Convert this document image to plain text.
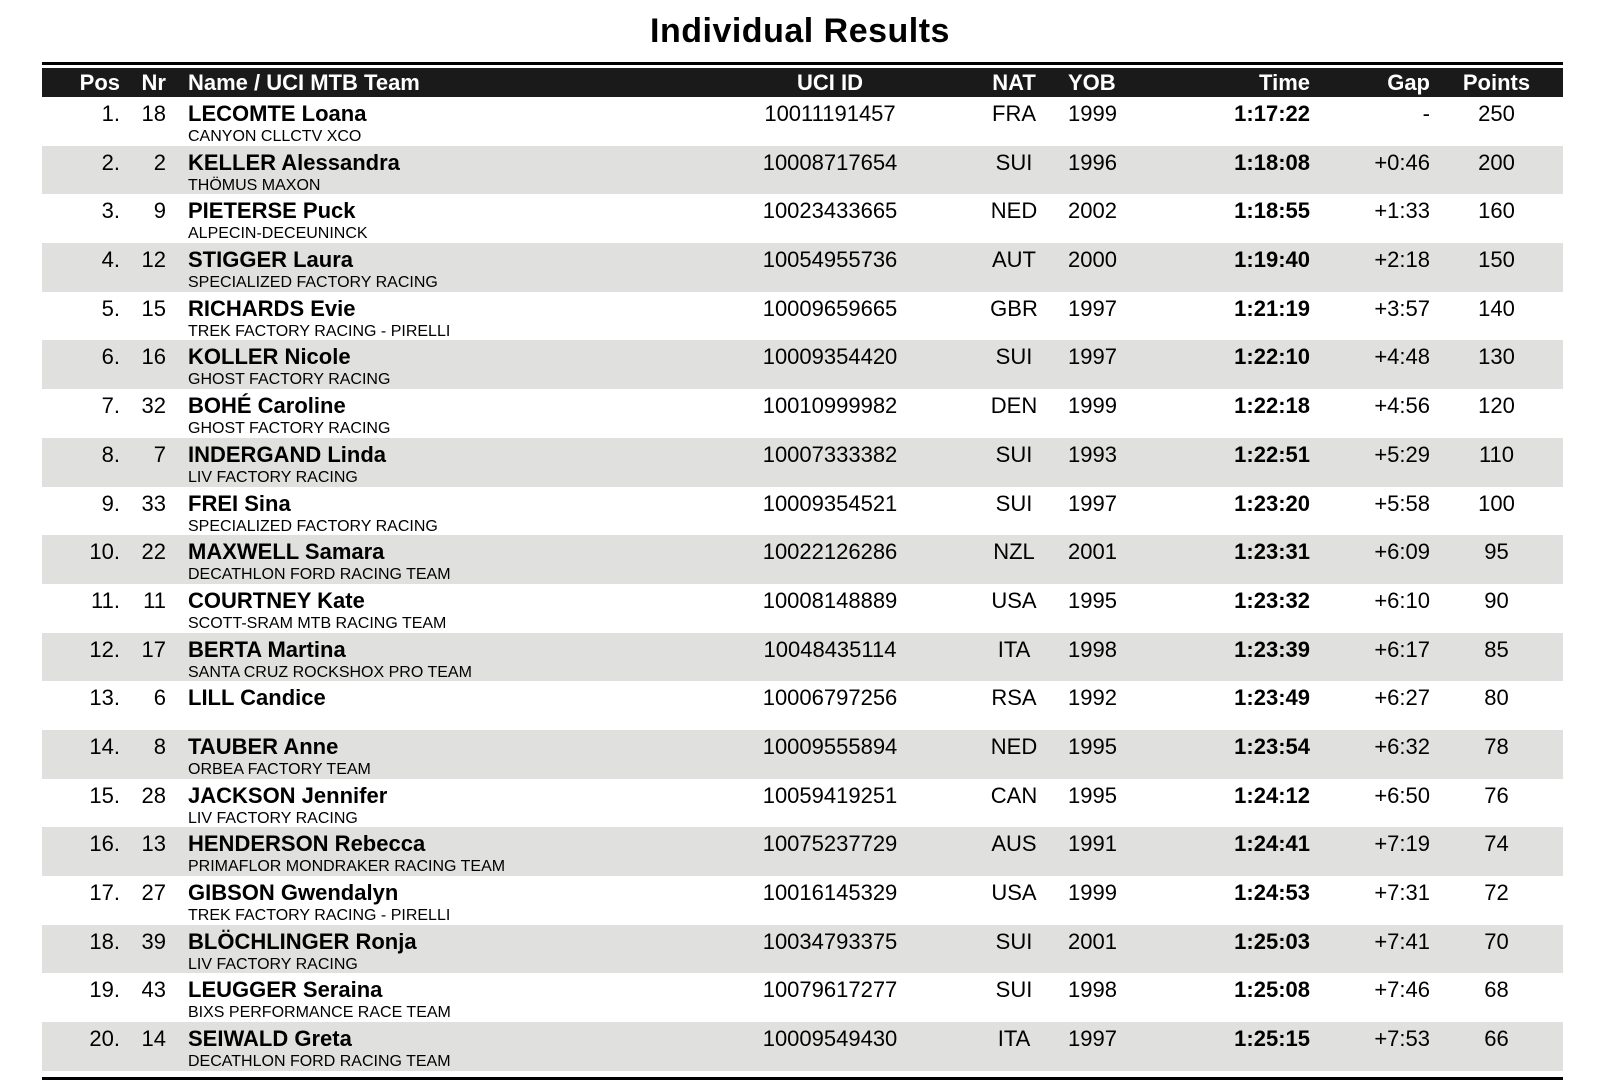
Individual Results
Pos Nr	Name / UCI MTB Team	UCI ID	NAT	YOB	Time	Gap	Points
1. 18 LECOMTE Loana
CANYON CLLCTV XCO
10011191457	FRA	1999	1:17:22	-	250
2.	2 KELLER Alessandra
THÖMUS MAXON
10008717654	SUI	1996	1:18:08	+0:46	200
3.	9 PIETERSE Puck
ALPECIN-DECEUNINCK
10023433665	NED	2002	1:18:55	+1:33	160
4. 12 STIGGER Laura
SPECIALIZED FACTORY RACING
10054955736	AUT	2000	1:19:40	+2:18	150
5. 15 RICHARDS Evie
TREK FACTORY RACING - PIRELLI
10009659665	GBR	1997	1:21:19	+3:57	140
6. 16 KOLLER Nicole
GHOST FACTORY RACING
10009354420	SUI	1997	1:22:10	+4:48	130
7. 32 BOHÉ Caroline
GHOST FACTORY RACING
10010999982	DEN	1999	1:22:18	+4:56	120
8.	7 INDERGAND Linda
LIV FACTORY RACING
10007333382	SUI	1993	1:22:51	+5:29	110
9. 33 FREI Sina
SPECIALIZED FACTORY RACING
10009354521	SUI	1997	1:23:20	+5:58	100
10. 22 MAXWELL Samara
DECATHLON FORD RACING TEAM
10022126286	NZL	2001	1:23:31	+6:09	95
11.	11 COURTNEY Kate
SCOTT-SRAM MTB RACING TEAM
10008148889	USA	1995	1:23:32	+6:10	90
12. 17 BERTA Martina
SANTA CRUZ ROCKSHOX PRO TEAM
10048435114	ITA	1998	1:23:39	+6:17	85
13.	6 LILL Candice	10006797256	RSA	1992	1:23:49	+6:27	80
14.	8 TAUBER Anne
ORBEA FACTORY TEAM
10009555894	NED	1995	1:23:54	+6:32	78
15. 28 JACKSON Jennifer
LIV FACTORY RACING
10059419251	CAN	1995	1:24:12	+6:50	76
16. 13 HENDERSON Rebecca
PRIMAFLOR MONDRAKER RACING TEAM
10075237729	AUS	1991	1:24:41	+7:19	74
17. 27 GIBSON Gwendalyn
TREK FACTORY RACING - PIRELLI
10016145329	USA	1999	1:24:53	+7:31	72
18. 39 BLÖCHLINGER Ronja
LIV FACTORY RACING
10034793375	SUI	2001	1:25:03	+7:41	70
19. 43 LEUGGER Seraina
BIXS PERFORMANCE RACE TEAM
10079617277	SUI	1998	1:25:08	+7:46	68
20. 14 SEIWALD Greta
DECATHLON FORD RACING TEAM
10009549430	ITA	1997	1:25:15	+7:53	66
